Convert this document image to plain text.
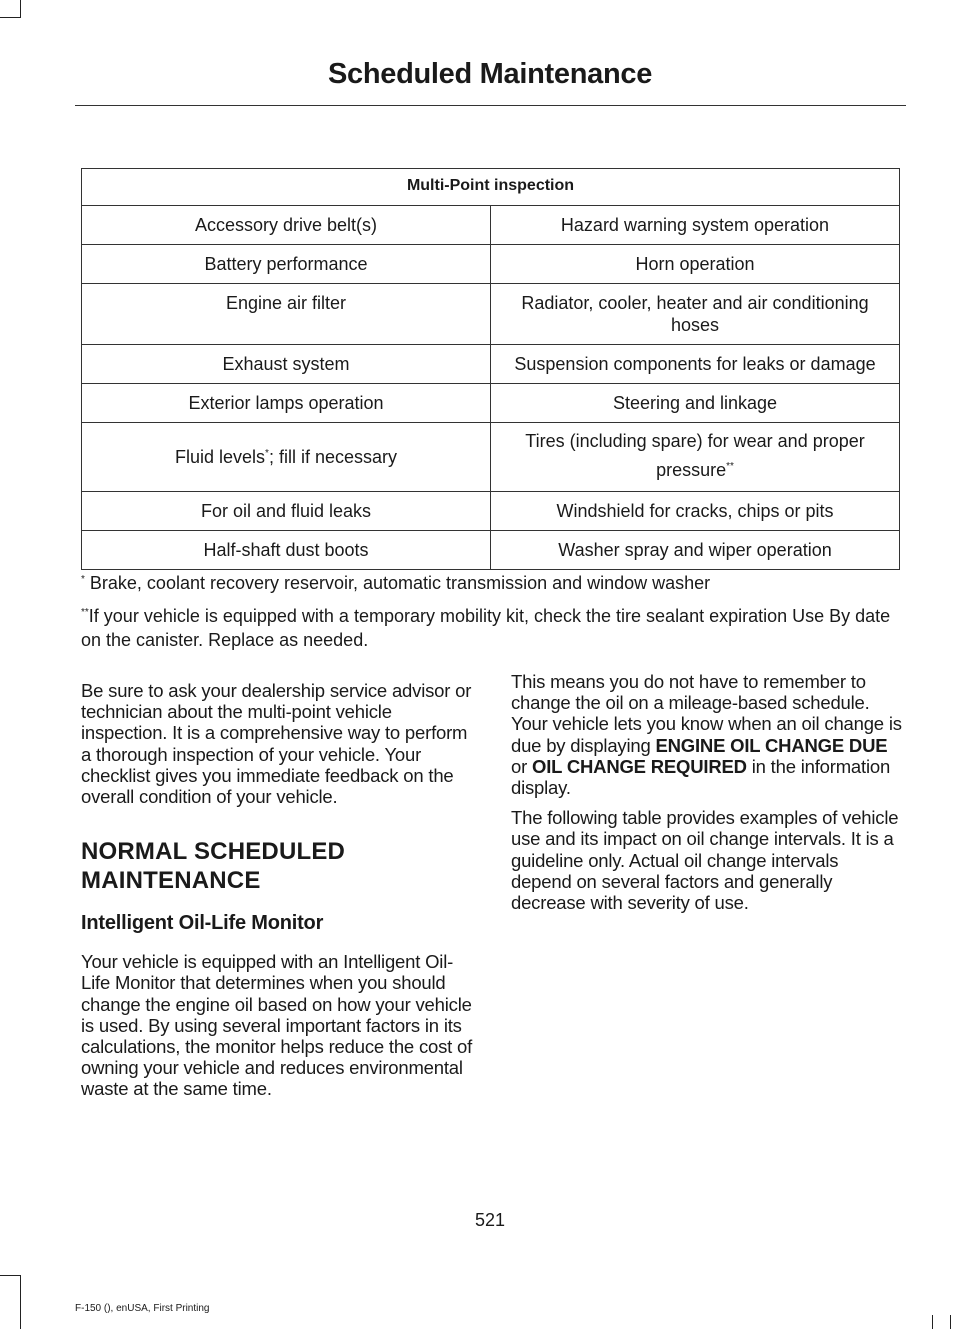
Scheduled Maintenance
Multi-Point inspection	
Accessory drive belt(s)	Hazard warning system operation
Battery performance	Horn operation
Engine air filter	Radiator, cooler, heater and air conditioning hoses
Exhaust system	Suspension components for leaks or damage
Exterior lamps operation	Steering and linkage
Fluid levels*; fill if necessary	Tires (including spare) for wear and proper pressure**
For oil and fluid leaks	Windshield for cracks, chips or pits
Half-shaft dust boots	Washer spray and wiper operation
* Brake, coolant recovery reservoir, automatic transmission and window washer
**If your vehicle is equipped with a temporary mobility kit, check the tire sealant expiration Use By date on the canister. Replace as needed.

Be sure to ask your dealership service advisor or technician about the multi-point vehicle inspection. It is a comprehensive way to perform a thorough inspection of your vehicle. Your checklist gives you immediate feedback on the overall condition of your vehicle.

NORMAL SCHEDULED
MAINTENANCE
Intelligent Oil-Life Monitor

Your vehicle is equipped with an Intelligent Oil-Life Monitor that determines when you should change the engine oil based on how your vehicle is used. By using several important factors in its calculations, the monitor helps reduce the cost of owning your vehicle and reduces environmental waste at the same time.

This means you do not have to remember to change the oil on a mileage-based schedule. Your vehicle lets you know when an oil change is due by displaying ENGINE OIL CHANGE DUE or OIL CHANGE REQUIRED in the information display.

The following table provides examples of vehicle use and its impact on oil change intervals. It is a guideline only. Actual oil change intervals depend on several factors and generally decrease with severity of use.

521
F-150 (), enUSA, First Printing
